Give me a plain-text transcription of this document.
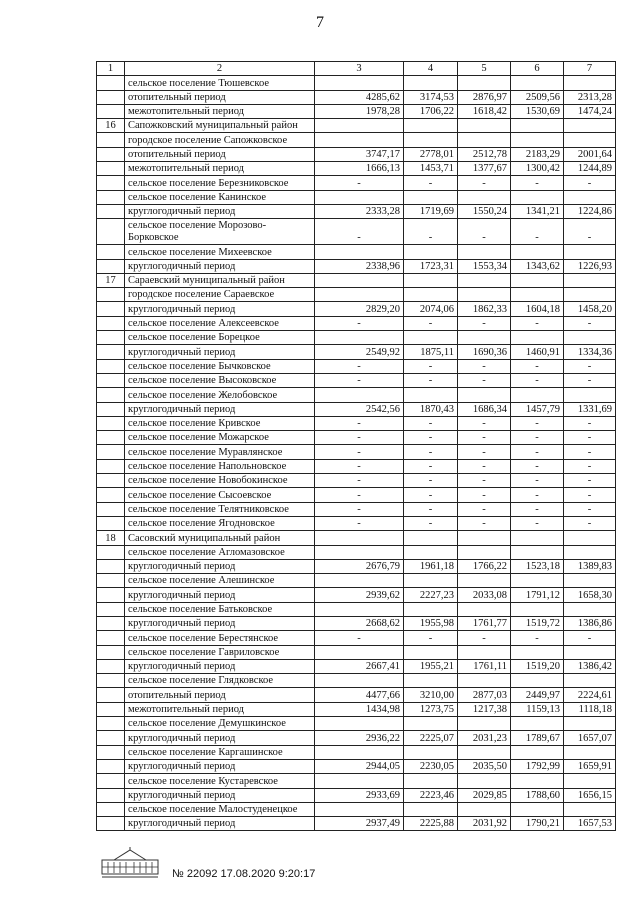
7
1	2	3	4	5	6	7
	сельское поселение Тюшевское					
	отопительный период	4285,62	3174,53	2876,97	2509,56	2313,28
	межотопительный период	1978,28	1706,22	1618,42	1530,69	1474,24
16	Сапожковский муниципальный район					
	городское поселение Сапожковское					
	отопительный период	3747,17	2778,01	2512,78	2183,29	2001,64
	межотопительный период	1666,13	1453,71	1377,67	1300,42	1244,89
	сельское поселение Березниковское	-	-	-	-	-
	сельское поселение Канинское					
	круглогодичный период	2333,28	1719,69	1550,24	1341,21	1224,86
	сельское поселение Морозово-Борковское	-	-	-	-	-
	сельское поселение Михеевское					
	круглогодичный период	2338,96	1723,31	1553,34	1343,62	1226,93
17	Сараевский муниципальный район					
	городское поселение Сараевское					
	круглогодичный период	2829,20	2074,06	1862,33	1604,18	1458,20
	сельское поселение Алексеевское	-	-	-	-	-
	сельское поселение Борецкое					
	круглогодичный период	2549,92	1875,11	1690,36	1460,91	1334,36
	сельское поселение Бычковское	-	-	-	-	-
	сельское поселение Высоковское	-	-	-	-	-
	сельское поселение Желобовское					
	круглогодичный период	2542,56	1870,43	1686,34	1457,79	1331,69
	сельское поселение Кривское	-	-	-	-	-
	сельское поселение Можарское	-	-	-	-	-
	сельское поселение Муравлянское	-	-	-	-	-
	сельское поселение Напольновское	-	-	-	-	-
	сельское поселение Новобокинское	-	-	-	-	-
	сельское поселение Сысоевское	-	-	-	-	-
	сельское поселение Телятниковское	-	-	-	-	-
	сельское поселение Ягодновское	-	-	-	-	-
18	Сасовский муниципальный район					
	сельское поселение Агломазовское					
	круглогодичный период	2676,79	1961,18	1766,22	1523,18	1389,83
	сельское поселение Алешинское					
	круглогодичный период	2939,62	2227,23	2033,08	1791,12	1658,30
	сельское поселение Батьковское					
	круглогодичный период	2668,62	1955,98	1761,77	1519,72	1386,86
	сельское поселение Берестянское	-	-	-	-	-
	сельское поселение Гавриловское					
	круглогодичный период	2667,41	1955,21	1761,11	1519,20	1386,42
	сельское поселение Глядковское					
	отопительный период	4477,66	3210,00	2877,03	2449,97	2224,61
	межотопительный период	1434,98	1273,75	1217,38	1159,13	1118,18
	сельское поселение Демушкинское					
	круглогодичный период	2936,22	2225,07	2031,23	1789,67	1657,07
	сельское поселение Каргашинское					
	круглогодичный период	2944,05	2230,05	2035,50	1792,99	1659,91
	сельское поселение Кустаревское					
	круглогодичный период	2933,69	2223,46	2029,85	1788,60	1656,15
	сельское поселение Малостуденецкое					
	круглогодичный период	2937,49	2225,88	2031,92	1790,21	1657,53
№ 22092 17.08.2020 9:20:17
